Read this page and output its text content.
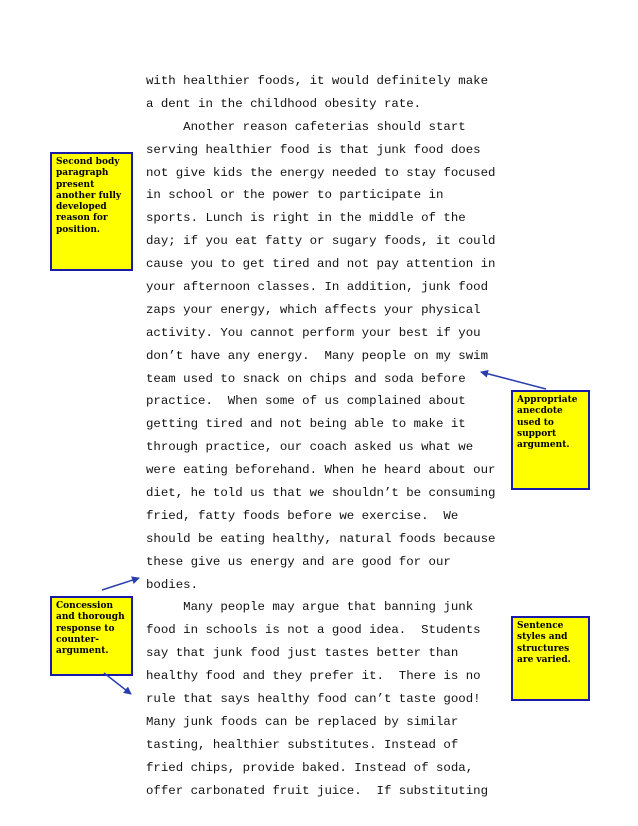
with healthier foods, it would definitely make
a dent in the childhood obesity rate.
Another reason cafeterias should start
serving healthier food is that junk food does
not give kids the energy needed to stay focused
in school or the power to participate in
sports. Lunch is right in the middle of the
day; if you eat fatty or sugary foods, it could
cause you to get tired and not pay attention in
your afternoon classes. In addition, junk food
zaps your energy, which affects your physical
activity. You cannot perform your best if you
don’t have any energy.  Many people on my swim
team used to snack on chips and soda before
practice.  When some of us complained about
getting tired and not being able to make it
through practice, our coach asked us what we
were eating beforehand. When he heard about our
diet, he told us that we shouldn’t be consuming
fried, fatty foods before we exercise.  We
should be eating healthy, natural foods because
these give us energy and are good for our
bodies.
Many people may argue that banning junk
food in schools is not a good idea.  Students
say that junk food just tastes better than
healthy food and they prefer it.  There is no
rule that says healthy food can’t taste good!
Many junk foods can be replaced by similar
tasting, healthier substitutes. Instead of
fried chips, provide baked. Instead of soda,
offer carbonated fruit juice.  If substituting
Second body paragraph present another fully developed reason for position.
Appropriate anecdote used to support argument.
Concession and thorough response to counter-argument.
Sentence styles and structures are varied.
